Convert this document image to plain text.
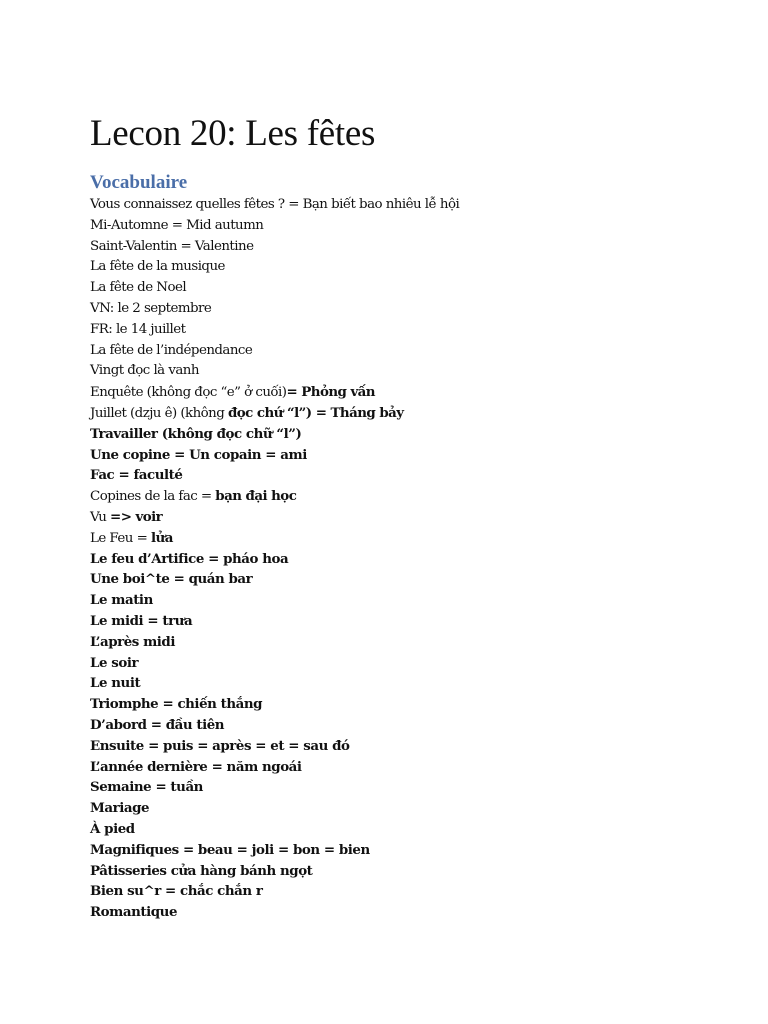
Lecon 20: Les fêtes
Vocabulaire
Vous connaissez quelles fêtes ? = Bạn biết bao nhiêu lễ hội
Mi-Automne = Mid autumn
Saint-Valentin = Valentine
La fête de la musique
La fête de Noel
VN: le 2 septembre
FR: le 14 juillet
La fête de l’indépendance
Vingt đọc là vanh
Enquête (không đọc “e” ở cuối)= Phỏng vấn
Juillet (dzju ê) (không đọc chứ “l”) = Tháng bảy
Travailler (không đọc chữ “l”)
Une copine = Un copain = ami
Fac = faculté
Copines de la fac = bạn đại học
Vu => voir
Le Feu = lửa
Le feu d’Artifice = pháo hoa
Une boi^te = quán bar
Le matin
Le midi = trưa
L’après midi
Le soir
Le nuit
Triomphe = chiến thắng
D’abord = đầu tiên
Ensuite = puis = après = et = sau đó
L’année dernière = năm ngoái
Semaine = tuần
Mariage
À pied
Magnifiques = beau = joli = bon = bien
Pâtisseries cửa hàng bánh ngọt
Bien su^r = chắc chắn r
Romantique
